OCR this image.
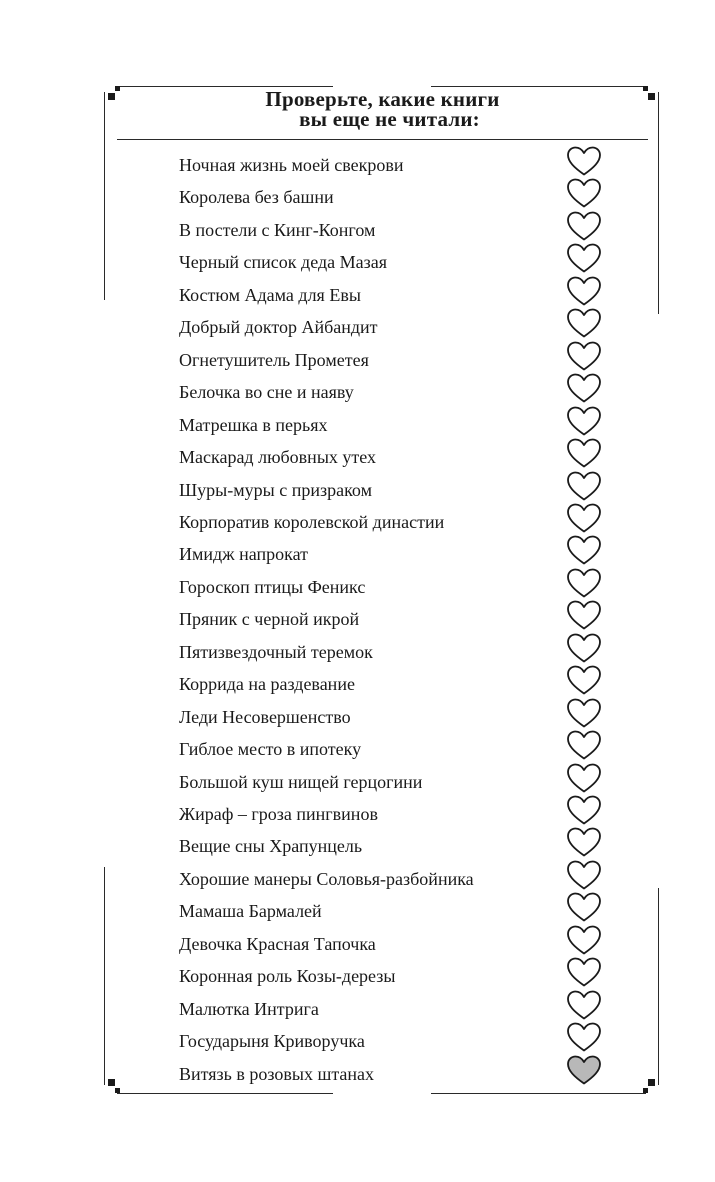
Проверьте, какие книги
вы еще не читали:
Ночная жизнь моей свекрови
Королева без башни
В постели с Кинг-Конгом
Черный список деда Мазая
Костюм Адама для Евы
Добрый доктор Айбандит
Огнетушитель Прометея
Белочка во сне и наяву
Матрешка в перьях
Маскарад любовных утех
Шуры-муры с призраком
Корпоратив королевской династии
Имидж напрокат
Гороскоп птицы Феникс
Пряник с черной икрой
Пятизвездочный теремок
Коррида на раздевание
Леди Несовершенство
Гиблое место в ипотеку
Большой куш нищей герцогини
Жираф – гроза пингвинов
Вещие сны Храпунцель
Хорошие манеры Соловья-разбойника
Мамаша Бармалей
Девочка Красная Тапочка
Коронная роль Козы-дерезы
Малютка Интрига
Государыня Криворучка
Витязь в розовых штанах
